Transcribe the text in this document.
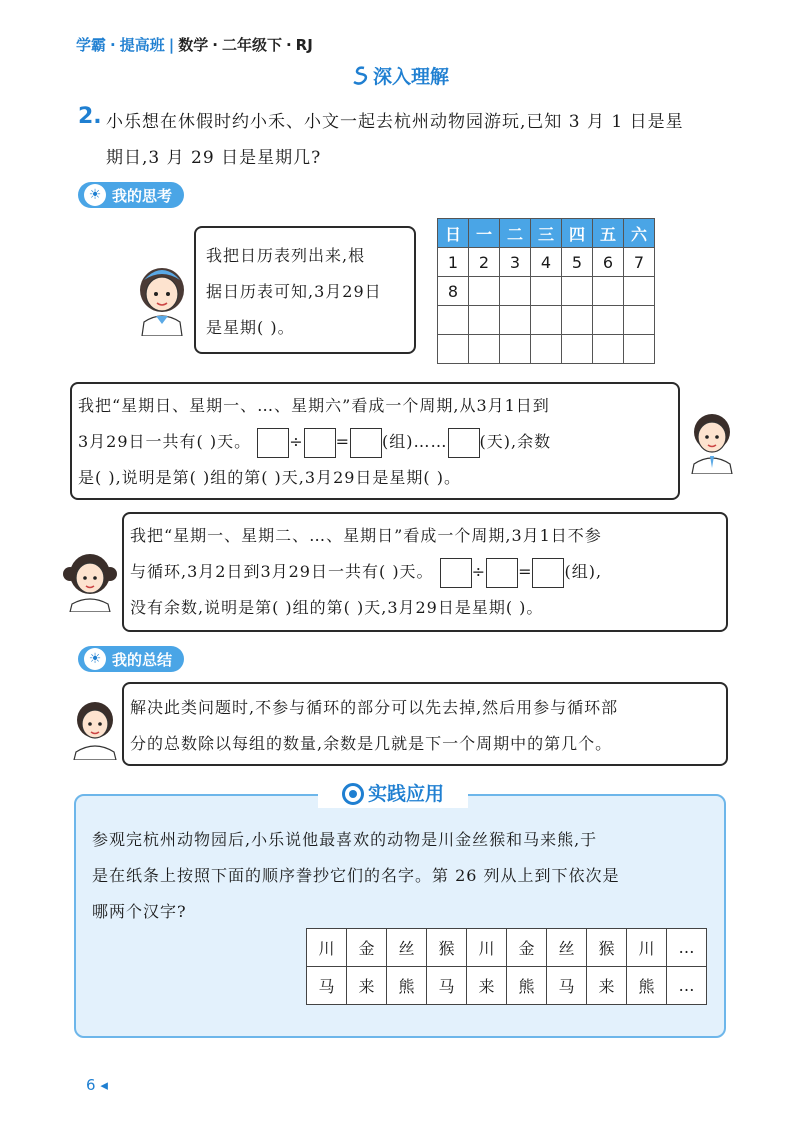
学霸 · 提高班 | 数学 · 二年级下 · RJ
深入理解
2. 小乐想在休假时约小禾、小文一起去杭州动物园游玩,已知 3 月 1 日是星
期日,3 月 29 日是星期几?
☀ 我的思考
我把日历表列出来,根
据日历表可知,3月29日
是星期( )。
日	一	二	三	四	五	六
1	2	3	4	5	6	7
8						

我把“星期日、星期一、…、星期六”看成一个周期,从3月1日到
3月29日一共有( )天。 ÷ = (组)…… (天),余数
是( ),说明是第( )组的第( )天,3月29日是星期( )。
我把“星期一、星期二、…、星期日”看成一个周期,3月1日不参
与循环,3月2日到3月29日一共有( )天。 ÷ = (组),
没有余数,说明是第( )组的第( )天,3月29日是星期( )。
☀ 我的总结
解决此类问题时,不参与循环的部分可以先去掉,然后用参与循环部
分的总数除以每组的数量,余数是几就是下一个周期中的第几个。
实践应用
参观完杭州动物园后,小乐说他最喜欢的动物是川金丝猴和马来熊,于
是在纸条上按照下面的顺序誊抄它们的名字。第 26 列从上到下依次是
哪两个汉字?
川	金	丝	猴	川	金	丝	猴	川	…
马	来	熊	马	来	熊	马	来	熊	…
6 ◂
